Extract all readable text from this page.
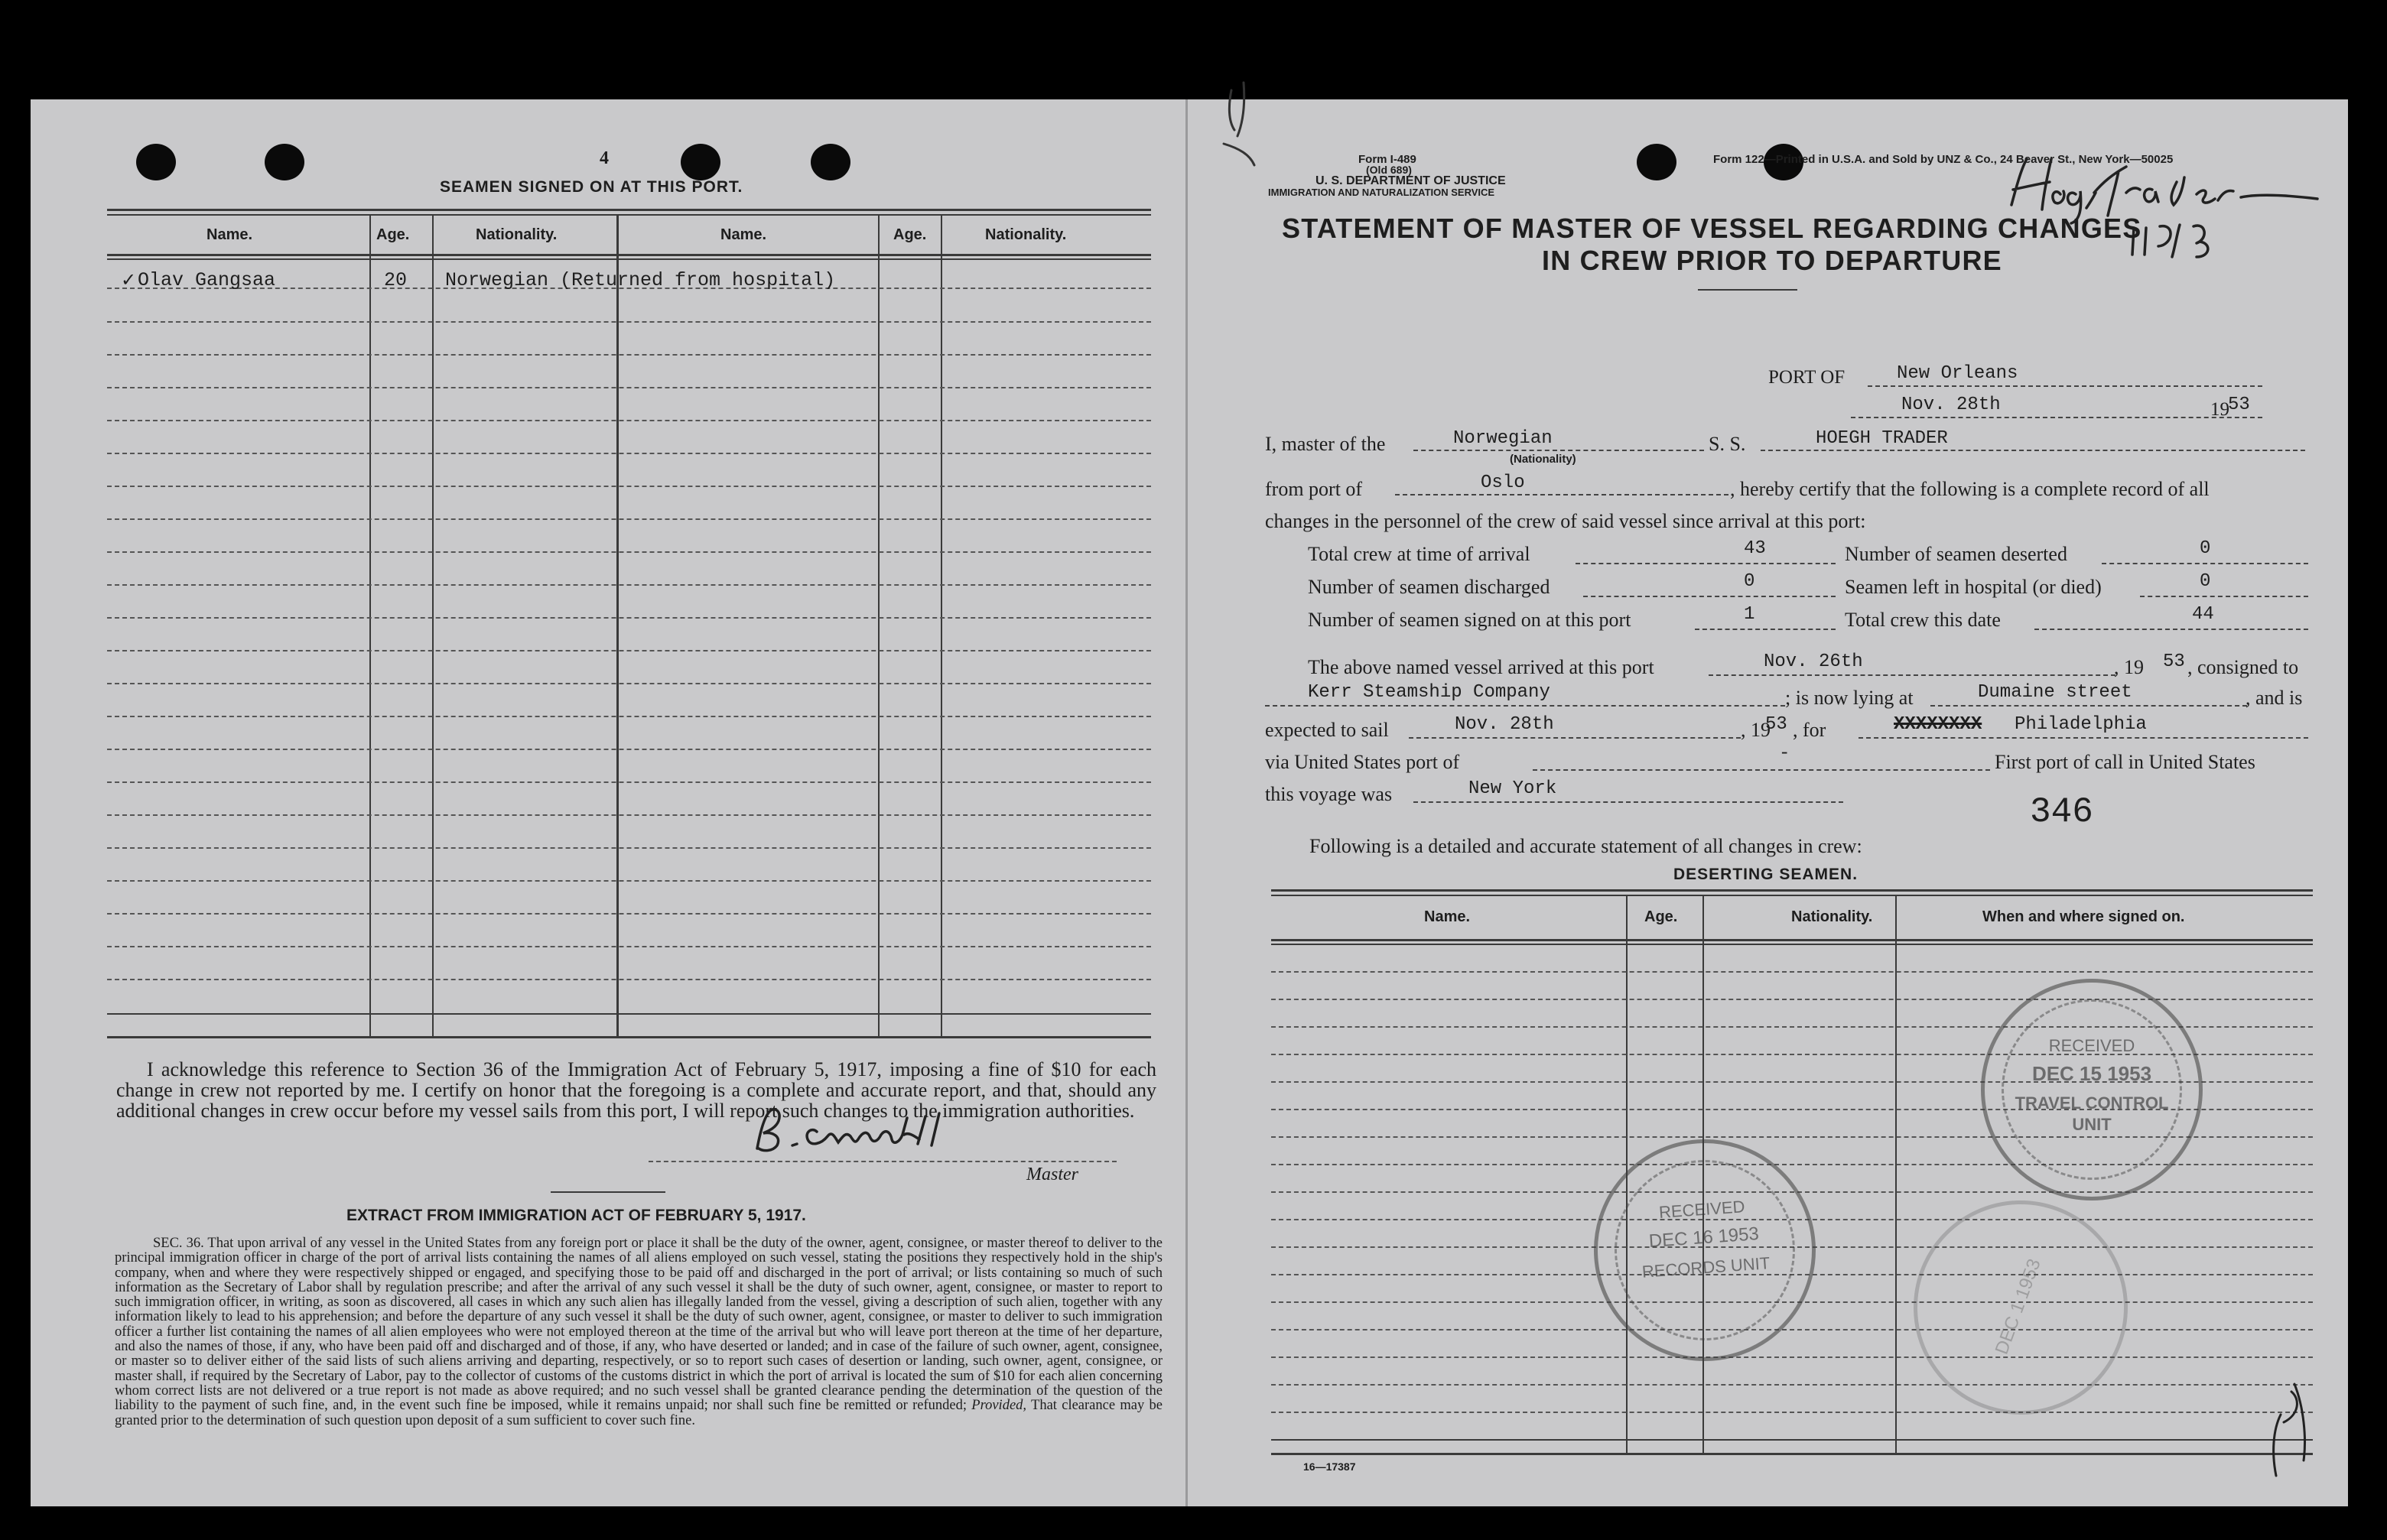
4
SEAMEN SIGNED ON AT THIS PORT.
Name.	Age.	Nationality.	Name.	Age.	Nationality.
✓ Olav Gangsaa	20 Norwegian (Returned from hospital)
I acknowledge this reference to Section 36 of the Immigration Act of February 5, 1917, imposing a fine of $10 for each change in crew not reported by me. I certify on honor that the foregoing is a complete and accurate report, and that, should any additional changes in crew occur before my vessel sails from this port, I will report such changes to the immigration authorities.
Master
EXTRACT FROM IMMIGRATION ACT OF FEBRUARY 5, 1917.
SEC. 36. That upon arrival of any vessel in the United States from any foreign port or place it shall be the duty of the owner, agent, consignee, or master thereof to deliver to the principal immigration officer in charge of the port of arrival lists containing the names of all aliens employed on such vessel, stating the positions they respectively hold in the ship's company, when and where they were respectively shipped or engaged, and specifying those to be paid off and discharged in the port of arrival; or lists containing so much of such information as the Secretary of Labor shall by regulation prescribe; and after the arrival of any such vessel it shall be the duty of such owner, agent, consignee, or master to report to such immigration officer, in writing, as soon as discovered, all cases in which any such alien has illegally landed from the vessel, giving a description of such alien, together with any information likely to lead to his apprehension; and before the departure of any such vessel it shall be the duty of such owner, agent, consignee, or master to deliver to such immigration officer a further list containing the names of all alien employees who were not employed thereon at the time of the arrival but who will leave port thereon at the time of her departure, and also the names of those, if any, who have been paid off and discharged and of those, if any, who have deserted or landed; and in case of the failure of such owner, agent, consignee, or master so to deliver either of the said lists of such aliens arriving and departing, respectively, or so to report such cases of desertion or landing, such owner, agent, consignee, or master shall, if required by the Secretary of Labor, pay to the collector of customs of the customs district in which the port of arrival is located the sum of $10 for each alien concerning whom correct lists are not delivered or a true report is not made as above required; and no such vessel shall be granted clearance pending the determination of the question of the liability to the payment of such fine, and, in the event such fine be imposed, while it remains unpaid; nor shall such fine be remitted or refunded; Provided, That clearance may be granted prior to the determination of such question upon deposit of a sum sufficient to cover such fine.
Form I-489
(Old 689)
U. S. DEPARTMENT OF JUSTICE
IMMIGRATION AND NATURALIZATION SERVICE
Form 122—Printed in U.S.A. and Sold by UNZ & Co., 24 Beaver St., New York—50025
STATEMENT OF MASTER OF VESSEL REGARDING CHANGES
IN CREW PRIOR TO DEPARTURE
PORT OF	New Orleans
Nov. 28th	19
53
I, master of the	Norwegian
(Nationality)
S. S.	HOEGH TRADER
from port of	Oslo	, hereby certify that the following is a complete record of all
changes in the personnel of the crew of said vessel since arrival at this port:
Total crew at time of arrival	43	Number of seamen deserted	0
Number of seamen discharged	0	Seamen left in hospital (or died)	0
Number of seamen signed on at this port	1	Total crew this date	44
The above named vessel arrived at this port	Nov. 26th	, 19 53 , consigned to
Kerr Steamship Company	; is now lying at	Dumaine street	, and is
expected to sail	Nov. 28th	, 19
53 , for	XXXXXXXX Philadelphia
via United States port of	-	First port of call in United States
this voyage was	New York
346
Following is a detailed and accurate statement of all changes in crew:
DESERTING SEAMEN.
Name.	Age.	Nationality.	When and where signed on.
16—17387
RECEIVED
DEC 15 1953
TRAVEL CONTROL
UNIT
RECEIVED
DEC 16 1953
RECORDS UNIT	DEC 1 1953
